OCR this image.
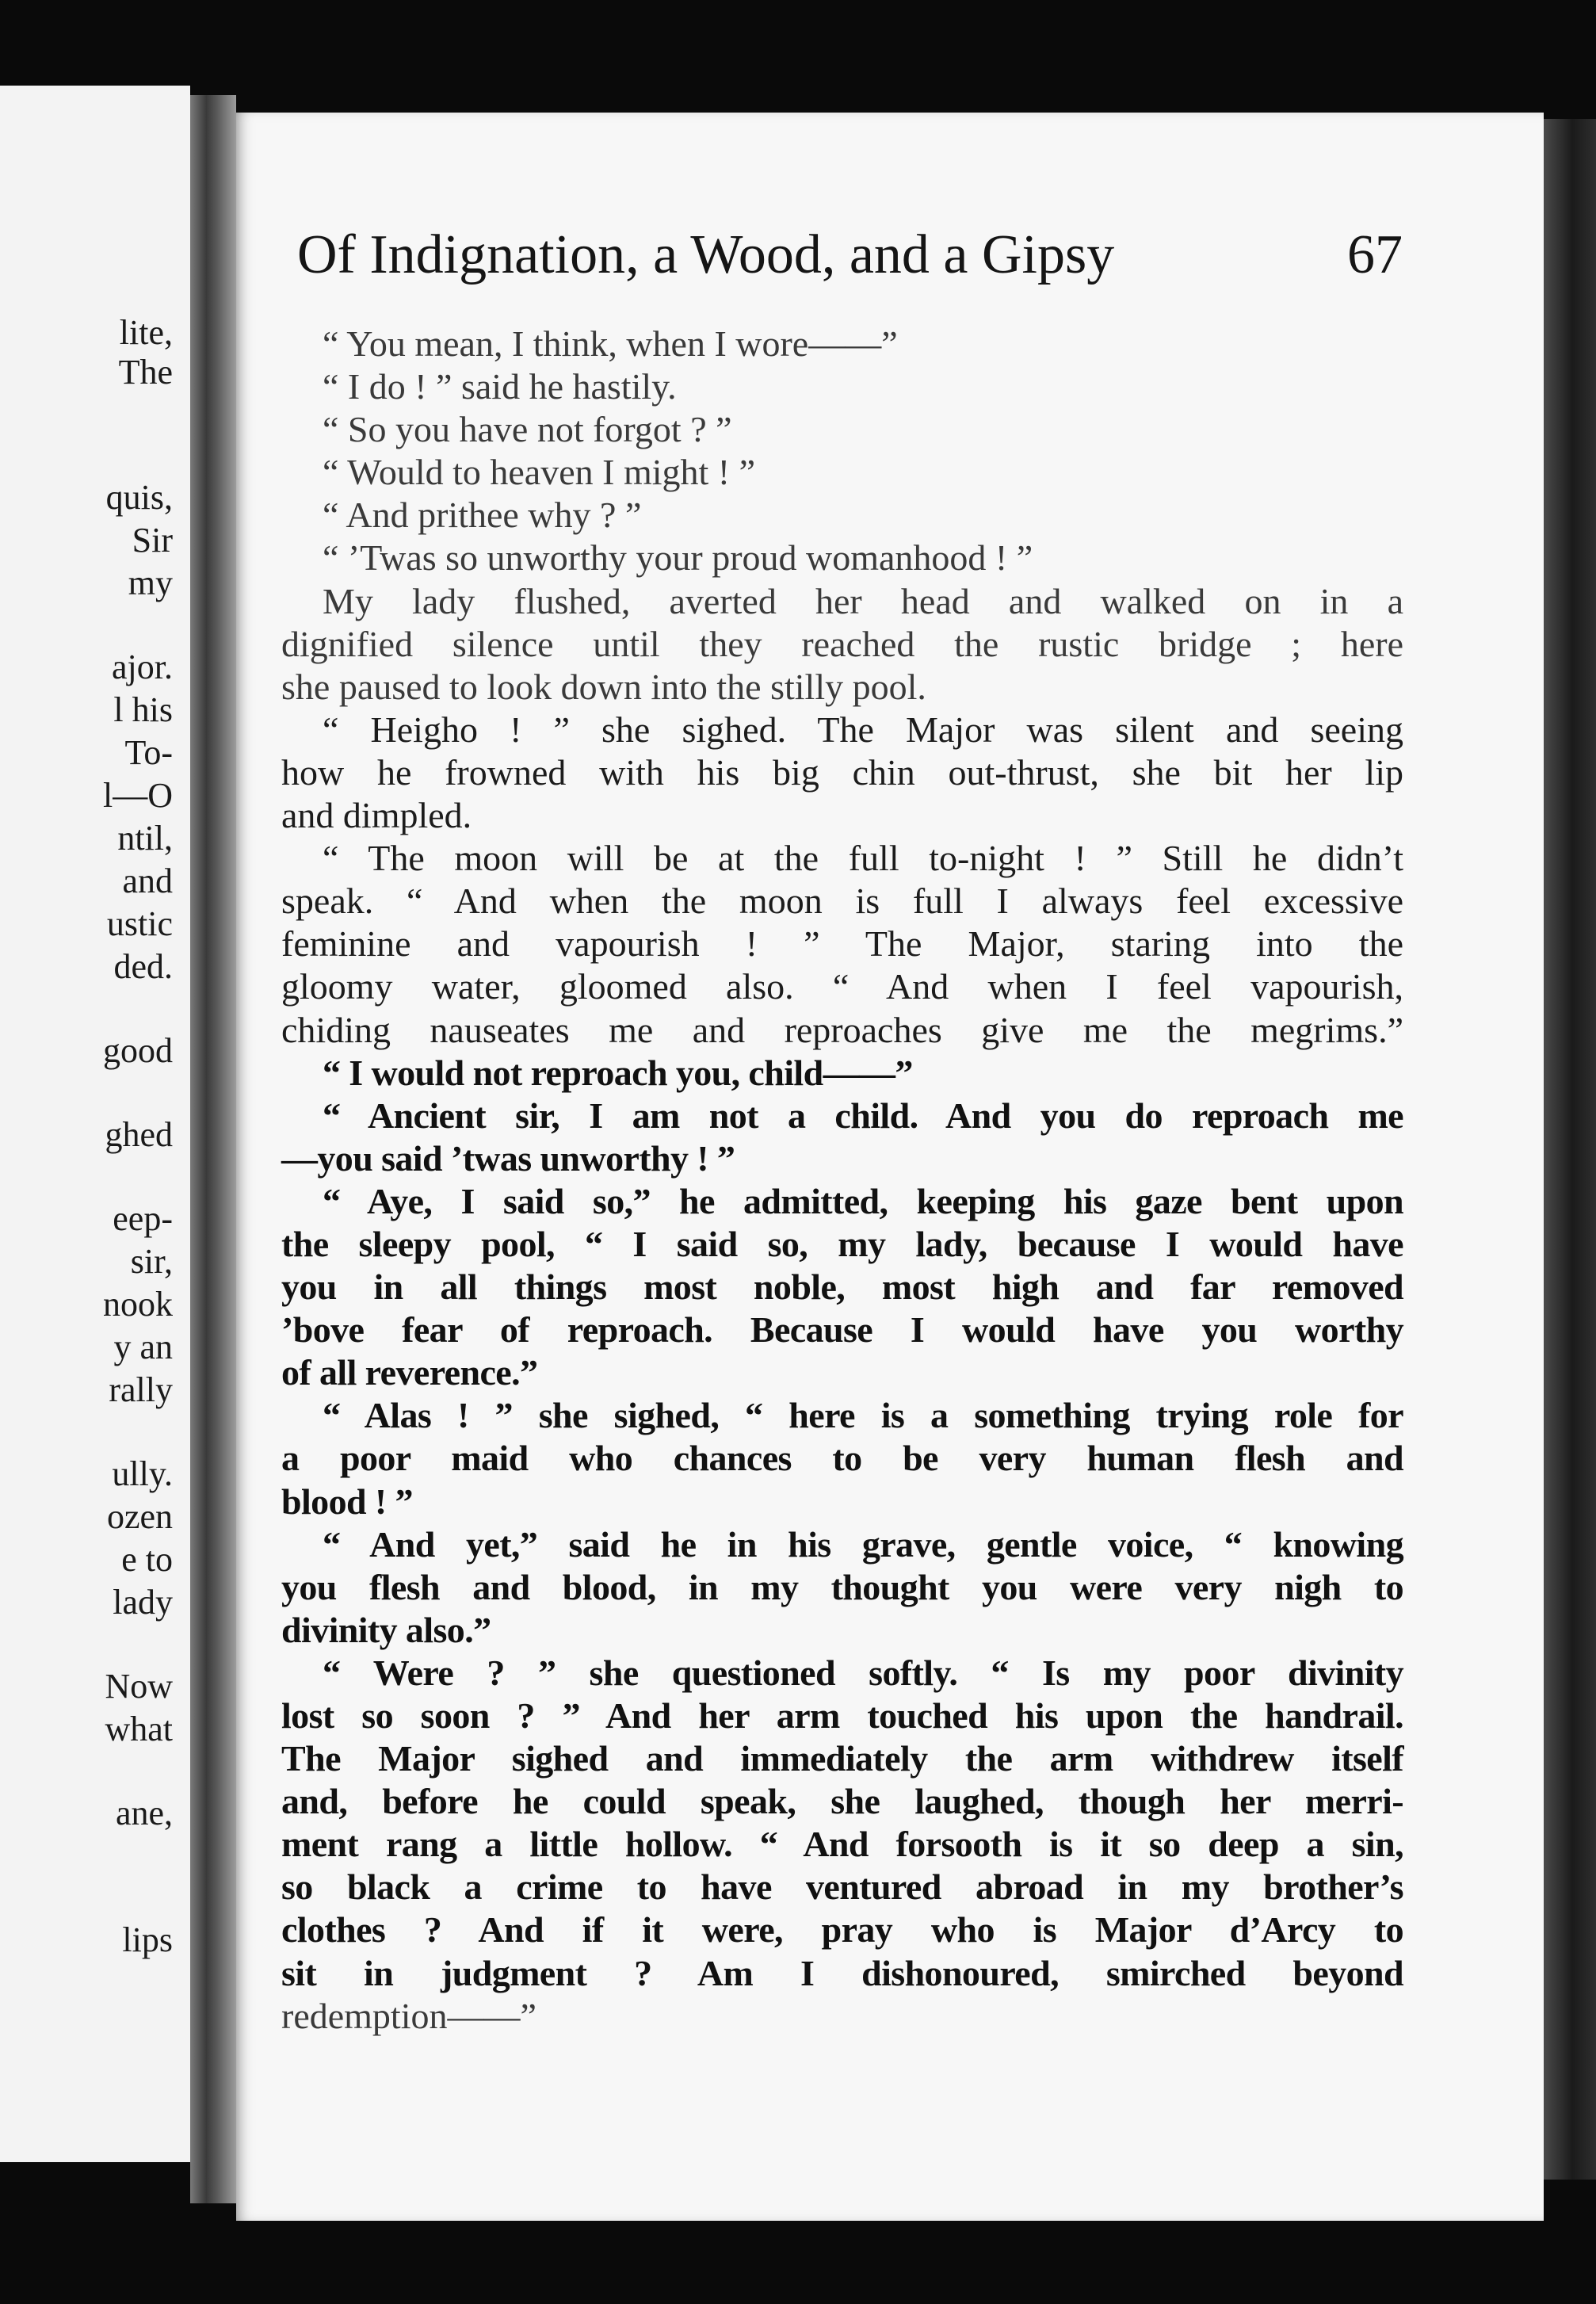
lite,
The
quis,
Sir
my
ajor.
l his
To-
l—O
ntil,
and
ustic
ded.
good
ghed
eep-
sir,
nook
y an
rally
ully.
ozen
e to
lady
Now
what
ane,
lips
Of Indignation, a Wood, and a Gipsy	67
“ You mean, I think, when I wore——”
“ I do ! ” said he hastily.
“ So you have not forgot ? ”
“ Would to heaven I might ! ”
“ And prithee why ? ”
“ ’Twas so unworthy your proud womanhood ! ”
My lady flushed, averted her head and walked on in a
dignified silence until they reached the rustic bridge ; here
she paused to look down into the stilly pool.
“ Heigho ! ” she sighed. The Major was silent and seeing
how he frowned with his big chin out-thrust, she bit her lip
and dimpled.
“ The moon will be at the full to-night ! ” Still he didn’t
speak. “ And when the moon is full I always feel excessive
feminine and vapourish ! ” The Major, staring into the
gloomy water, gloomed also. “ And when I feel vapourish,
chiding nauseates me and reproaches give me the megrims.”
“ I would not reproach you, child——”
“ Ancient sir, I am not a child. And you do reproach me
—you said ’twas unworthy ! ”
“ Aye, I said so,” he admitted, keeping his gaze bent upon
the sleepy pool, “ I said so, my lady, because I would have
you in all things most noble, most high and far removed
’bove fear of reproach. Because I would have you worthy
of all reverence.”
“ Alas ! ” she sighed, “ here is a something trying role for
a poor maid who chances to be very human flesh and
blood ! ”
“ And yet,” said he in his grave, gentle voice, “ knowing
you flesh and blood, in my thought you were very nigh to
divinity also.”
“ Were ? ” she questioned softly. “ Is my poor divinity
lost so soon ? ” And her arm touched his upon the handrail.
The Major sighed and immediately the arm withdrew itself
and, before he could speak, she laughed, though her merri-
ment rang a little hollow. “ And forsooth is it so deep a sin,
so black a crime to have ventured abroad in my brother’s
clothes ? And if it were, pray who is Major d’Arcy to
sit in judgment ? Am I dishonoured, smirched beyond
redemption——”
